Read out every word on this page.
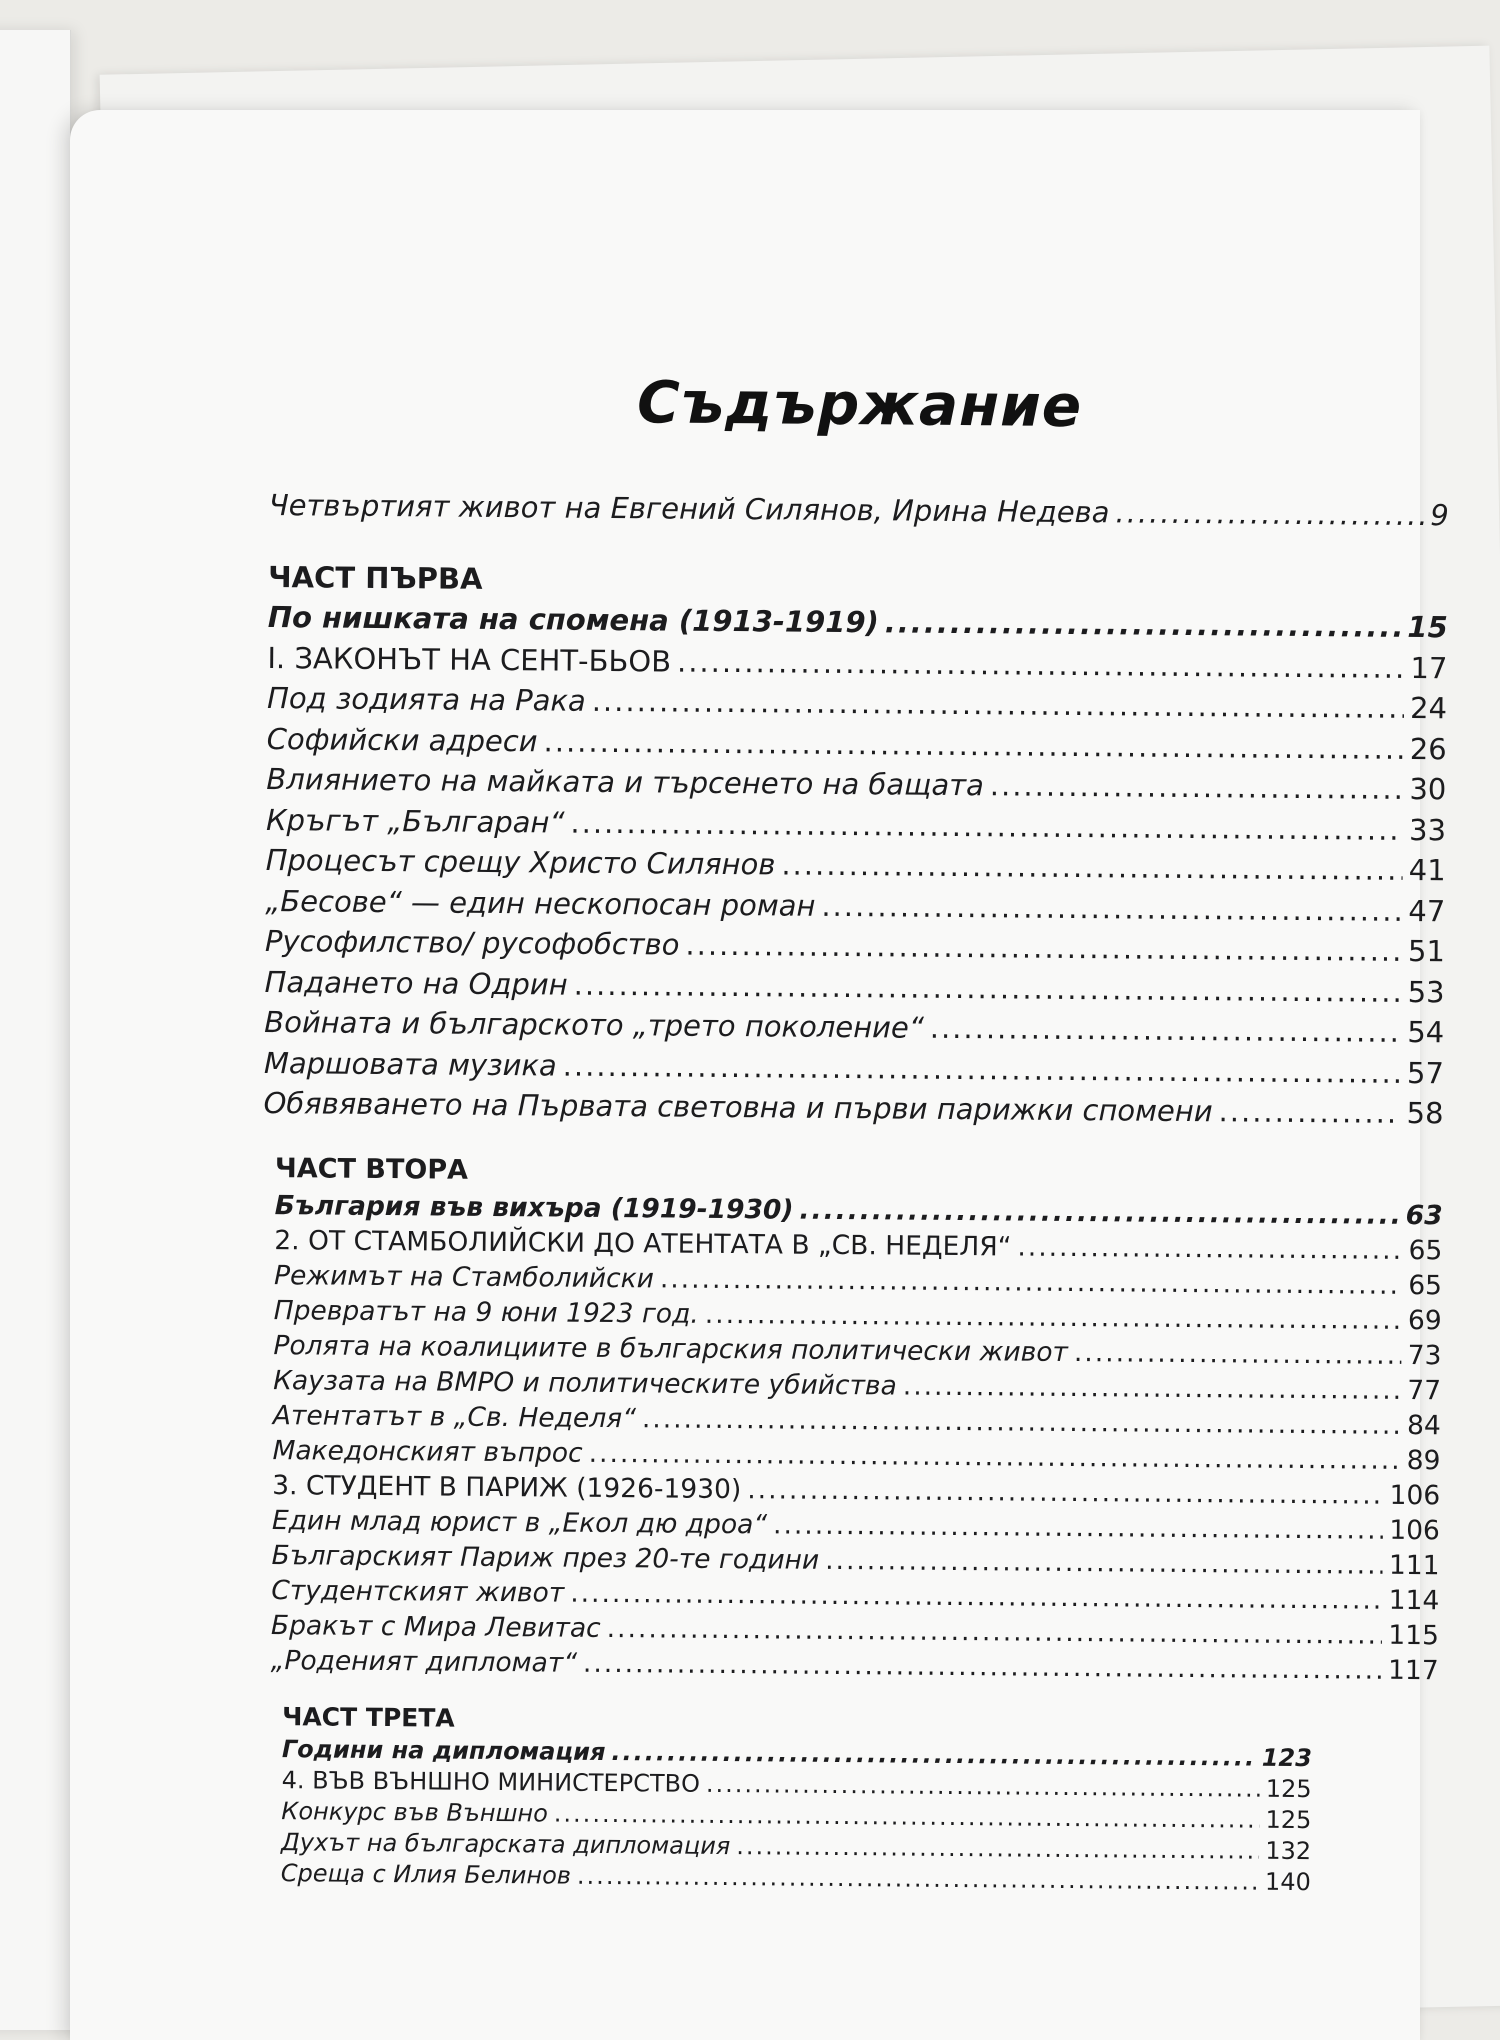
Съдържание
Четвъртият живот на Евгений Силянов, Ирина Недева .....	9
ЧАСТ ПЪРВА
По нишката на спомена (1913-1919) .....	15
I. ЗАКОНЪТ НА СЕНТ-БЬОВ .....	17
Под зодията на Рака .....	24
Софийски адреси .....	26
Влиянието на майката и търсенето на бащата .....	30
Кръгът „Българан“ .....	33
Процесът срещу Христо Силянов .....	41
„Бесове“ — един нескопосан роман .....	47
Русофилство/ русофобство .....	51
Падането на Одрин .....	53
Войната и българското „трето поколение“ .....	54
Маршовата музика .....	57
Обявяването на Първата световна и първи парижки спомени .....	58
ЧАСТ ВТОРА
България във вихъра (1919-1930) .....	63
2. ОТ СТАМБОЛИЙСКИ ДО АТЕНТАТА В „СВ. НЕДЕЛЯ“ .....	65
Режимът на Стамболийски .....	65
Превратът на 9 юни 1923 год. .....	69
Ролята на коалициите в българския политически живот .....	73
Каузата на ВМРО и политическите убийства .....	77
Атентатът в „Св. Неделя“ .....	84
Македонският въпрос .....	89
3. СТУДЕНТ В ПАРИЖ (1926-1930) .....	106
Един млад юрист в „Екол дю дроа“ .....	106
Българският Париж през 20-те години .....	111
Студентският живот .....	114
Бракът с Мира Левитас .....	115
„Роденият дипломат“ .....	117
ЧАСТ ТРЕТА
Години на дипломация .....	123
4. ВЪВ ВЪНШНО МИНИСТЕРСТВО .....	125
Конкурс във Външно .....	125
Духът на българската дипломация .....	132
Среща с Илия Белинов .....	140
